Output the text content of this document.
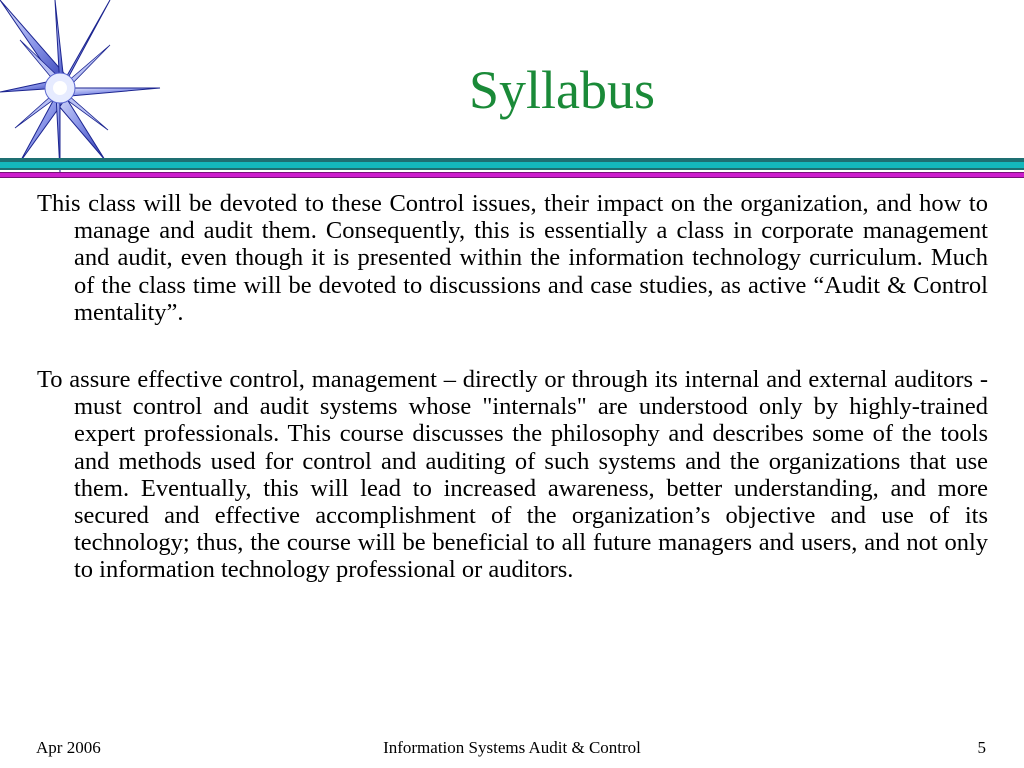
Syllabus

This class will be devoted to these Control issues, their impact on the organization, and how to manage and audit them. Consequently, this is essentially a class in corporate management and audit, even though it is presented within the information technology curriculum. Much of the class time will be devoted to discussions and case studies, as active “Audit & Control mentality”.

To assure effective control, management – directly or through its internal and external auditors - must control and audit systems whose "internals" are understood only by highly-trained expert professionals. This course discusses the philosophy and describes some of the tools and methods used for control and auditing of such systems and the organizations that use them. Eventually, this will lead to increased awareness, better understanding, and more secured and effective accomplishment of the organization’s objective and use of its technology; thus, the course will be beneficial to all future managers and users, and not only to information technology professional or auditors.

Information Systems Audit & Control
Apr 2006	5
